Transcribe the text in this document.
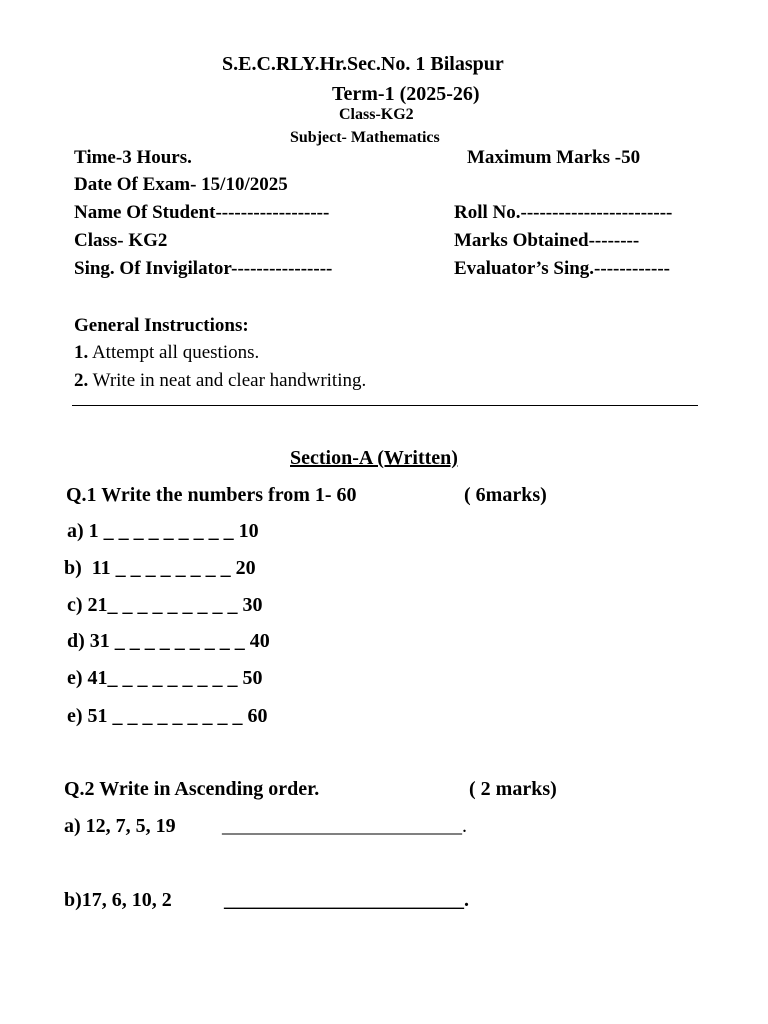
S.E.C.RLY.Hr.Sec.No. 1 Bilaspur
Term-1 (2025-26)
Class-KG2
Subject- Mathematics
Time-3 Hours.	Maximum Marks -50
Date Of Exam- 15/10/2025
Name Of Student------------------	Roll No.------------------------
Class- KG2	Marks Obtained--------
Sing. Of Invigilator----------------	Evaluator’s Sing.------------
General Instructions:
1. Attempt all questions.
2. Write in neat and clear handwriting.
Section-A (Written)
Q.1 Write the numbers from 1- 60	( 6marks)
a) 1 _ _ _ _ _ _ _ _ _ 10
b)  11 _ _ _ _ _ _ _ _ 20
c) 21_ _ _ _ _ _ _ _ _ 30
d) 31 _ _ _ _ _ _ _ _ _ 40
e) 41_ _ _ _ _ _ _ _ _ 50
e) 51 _ _ _ _ _ _ _ _ _ 60
Q.2 Write in Ascending order.	( 2 marks)
a) 12, 7, 5, 19 ________________________.
b)17, 6, 10, 2	________________________.
